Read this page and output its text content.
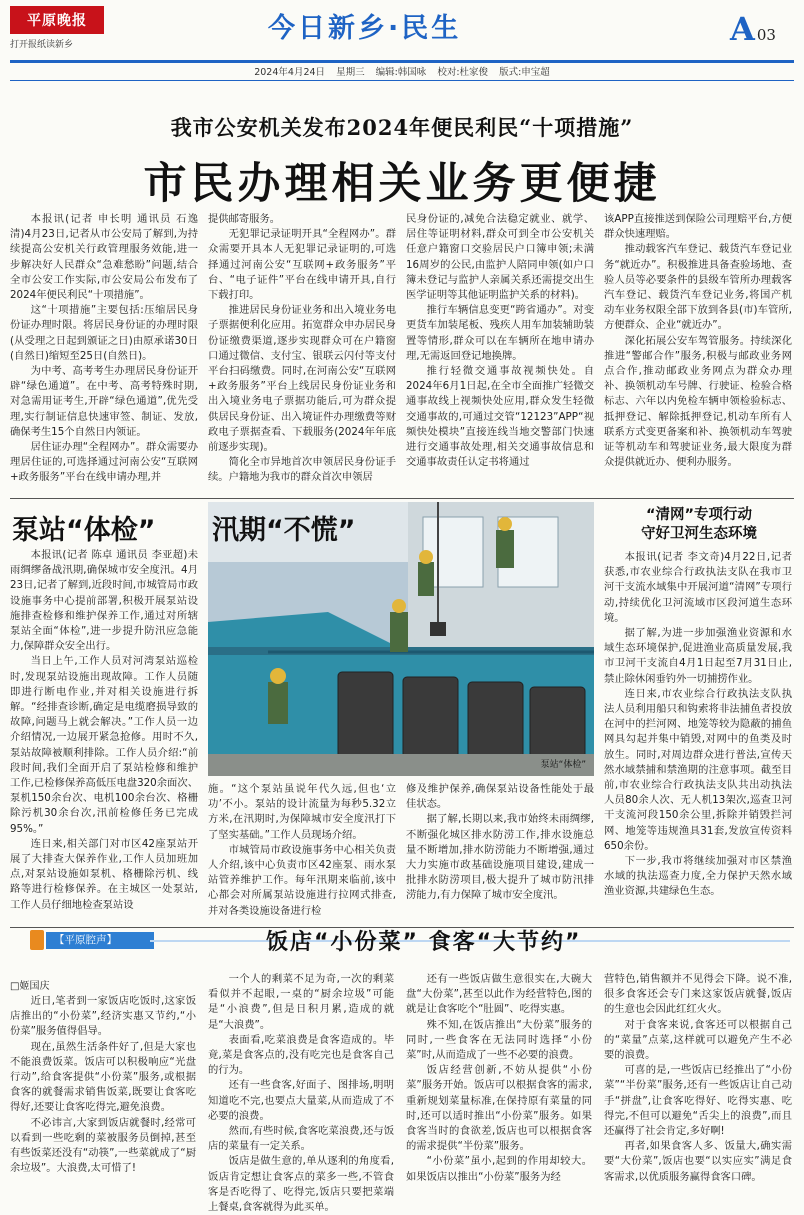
平原晚报
打开报纸读新乡
今日新乡·民生	A 03
2024年4月24日 星期三 编辑:韩国咏 校对:杜家俊 版式:申宝超
我市公安机关发布2024年便民利民“十项措施”
市民办理相关业务更便捷

本报讯(记者 申长明 通讯员 石逸清)4月23日,记者从市公安局了解到,为持续提高公安机关行政管理服务效能,进一步解决好人民群众“急难愁盼”问题,结合全市公安工作实际,市公安局公布发布了2024年便民利民“十项措施”。

这“十项措施”主要包括:压缩居民身份证办理时限。将居民身份证的办理时限(从受理之日起到颁证之日)由原承诺30日(自然日)缩短至25日(自然日)。

为中考、高考考生办理居民身份证开辟“绿色通道”。在中考、高考特殊时期,对急需用证考生,开辟“绿色通道”,优先受理,实行制证信息快速审签、制证、发放,确保考生15个自然日内领证。

居住证办理“全程网办”。群众需要办理居住证的,可选择通过河南公安“互联网+政务服务”平台在线申请办理,并

提供邮寄服务。

无犯罪记录证明开具“全程网办”。群众需要开具本人无犯罪记录证明的,可选择通过河南公安“互联网+政务服务”平台、“电子证件”平台在线申请开具,自行下载打印。

推进居民身份证业务和出入境业务电子票据便利化应用。拓宽群众申办居民身份证缴费渠道,逐步实现群众可在户籍窗口通过微信、支付宝、银联云闪付等支付平台扫码缴费。同时,在河南公安“互联网+政务服务”平台上线居民身份证业务和出入境业务电子票据功能后,可为群众提供居民身份证、出入境证件办理缴费等财政电子票据查看、下载服务(2024年年底前逐步实现)。

简化全市异地首次申领居民身份证手续。户籍地为我市的群众首次申领居

民身份证的,减免合法稳定就业、就学、居住等证明材料,群众可到全市公安机关任意户籍窗口交验居民户口簿申领;未满16周岁的公民,由监护人陪同申领(如户口簿未登记与监护人亲属关系还需提交出生医学证明等其他证明监护关系的材料)。

推行车辆信息变更“跨省通办”。对变更货车加装尾板、残疾人用车加装辅助装置等情形,群众可以在车辆所在地申请办理,无需返回登记地换牌。

推行轻微交通事故视频快处。自2024年6月1日起,在全市全面推广轻微交通事故线上视频快处应用,群众发生轻微交通事故的,可通过交管“12123”APP“视频快处模块”直接连线当地交警部门快速进行交通事故处理,相关交通事故信息和交通事故责任认定书将通过

该APP直接推送到保险公司理赔平台,方便群众快速理赔。

推动载客汽车登记、载货汽车登记业务“就近办”。积极推进具备查验场地、查验人员等必要条件的县级车管所办理载客汽车登记、载货汽车登记业务,将国产机动车业务权限全部下放到各县(市)车管所,方便群众、企业“就近办”。

深化拓展公安车驾管服务。持续深化推进“警邮合作”服务,积极与邮政业务网点合作,推动邮政业务网点为群众办理补、换领机动车号牌、行驶证、检验合格标志、六年以内免检车辆申领检验标志、抵押登记、解除抵押登记,机动车所有人联系方式变更备案和补、换领机动车驾驶证等机动车和驾驶证业务,最大限度为群众提供就近办、便利办服务。

泵站“体检” 汛期“不慌”
泵站“体检”

本报讯(记者 陈卓 通讯员 李亚超)未雨绸缪备战汛期,确保城市安全度汛。4月23日,记者了解到,近段时间,市城管局市政设施事务中心提前部署,积极开展泵站设施排查检修和维护保养工作,通过对所辖泵站全面“体检”,进一步提升防汛应急能力,保障群众安全出行。

当日上午,工作人员对河湾泵站巡检时,发现泵站设施出现故障。工作人员随即进行断电作业,并对相关设施进行拆解。“经排查诊断,确定是电缆磨损导致的故障,问题马上就会解决。”工作人员一边介绍情况,一边展开紧急抢修。用时不久,泵站故障被顺利排除。工作人员介绍:“前段时间,我们全面开启了泵站检修和维护工作,已检修保养高低压电盘320余面次、泵机150余台次、电机100余台次、格栅除污机30余台次,汛前检修任务已完成95%。”

连日来,相关部门对市区42座泵站开展了大排查大保养作业,工作人员加班加点,对泵站设施如泵机、格栅除污机、线路等进行检修保养。在主城区一处泵站,工作人员仔细地检查泵站设

施。“这个泵站虽说年代久远,但也‘立功’不小。泵站的设计流量为每秒5.32立方米,在汛期时,为保障城市安全度汛打下了坚实基础。”工作人员现场介绍。

市城管局市政设施事务中心相关负责人介绍,该中心负责市区42座泵、雨水泵站管养维护工作。每年汛期来临前,该中心都会对所属泵站设施进行拉网式排查,并对各类设施设备进行检

修及维护保养,确保泵站设备性能处于最佳状态。

据了解,长期以来,我市始终未雨绸缪,不断强化城区排水防涝工作,排水设施总量不断增加,排水防涝能力不断增强,通过大力实施市政基础设施项目建设,建成一批排水防涝项目,极大提升了城市防汛排涝能力,有力保障了城市安全度汛。

“清网”专项行动
守好卫河生态环境

本报讯(记者 李文奇)4月22日,记者获悉,市农业综合行政执法支队在我市卫河干支流水域集中开展河道“清网”专项行动,持续优化卫河流域市区段河道生态环境。

据了解,为进一步加强渔业资源和水域生态环境保护,促进渔业高质量发展,我市卫河干支流自4月1日起至7月31日止,禁止除休闲垂钓外一切捕捞作业。

连日来,市农业综合行政执法支队执法人员利用船只和钩索将非法捕鱼者投放在河中的拦河网、地笼等较为隐蔽的捕鱼网具勾起并集中销毁,对网中的鱼类及时放生。同时,对周边群众进行普法,宣传天然水域禁捕和禁渔期的注意事项。截至目前,市农业综合行政执法支队共出动执法人员80余人次、无人机13架次,巡查卫河干支流河段150余公里,拆除并销毁拦河网、地笼等违规渔具31套,发放宣传资料650余份。

下一步,我市将继续加强对市区禁渔水域的执法巡查力度,全力保护天然水域渔业资源,共建绿色生态。

【平原腔声】	饭店“小份菜” 食客“大节约”
□姬国庆

近日,笔者到一家饭店吃饭时,这家饭店推出的“小份菜”,经济实惠又节约,“小份菜”服务值得倡导。

现在,虽然生活条件好了,但是大家也不能浪费饭菜。饭店可以积极响应“光盘行动”,给食客提供“小份菜”服务,或根据食客的就餐需求销售饭菜,既要让食客吃得好,还要让食客吃得完,避免浪费。

不必讳言,大家到饭店就餐时,经常可以看到一些吃剩的菜被服务员倒掉,甚至有些饭菜还没有“动筷”,一些菜就成了“厨余垃圾”。大浪费,太可惜了!

一个人的剩菜不足为奇,一次的剩菜看似并不起眼,一桌的“厨余垃圾”可能是“小浪费”,但是日积月累,造成的就是“大浪费”。

表面看,吃菜浪费是食客造成的。毕竟,菜是食客点的,没有吃完也是食客自己的行为。

还有一些食客,好面子、图排场,明明知道吃不完,也要点大量菜,从而造成了不必要的浪费。

然而,有些时候,食客吃菜浪费,还与饭店的菜量有一定关系。

饭店是做生意的,单从逐利的角度看,饭店肯定想让食客点的菜多一些,不管食客是否吃得了、吃得完,饭店只要把菜端上餐桌,食客就得为此买单。

还有一些饭店做生意很实在,大碗大盘“大份菜”,甚至以此作为经营特色,图的就是让食客吃个“肚圆”、吃得实惠。

殊不知,在饭店推出“大份菜”服务的同时,一些食客在无法同时选择“小份菜”时,从而造成了一些不必要的浪费。

饭店经营创新,不妨从提供“小份菜”服务开始。饭店可以根据食客的需求,重新规划菜量标准,在保持原有菜量的同时,还可以适时推出“小份菜”服务。如果食客当时的食欲差,饭店也可以根据食客的需求提供“半份菜”服务。

“小份菜”虽小,起到的作用却较大。如果饭店以推出“小份菜”服务为经

营特色,销售额并不见得会下降。说不准,很多食客还会专门来这家饭店就餐,饭店的生意也会因此红红火火。

对于食客来说,食客还可以根据自己的“菜量”点菜,这样就可以避免产生不必要的浪费。

可喜的是,一些饭店已经推出了“小份菜”“半份菜”服务,还有一些饭店让自己动手“拼盘”,让食客吃得好、吃得实惠、吃得完,不但可以避免“舌尖上的浪费”,而且还赢得了社会肯定,多好啊!

再者,如果食客人多、饭量大,确实需要“大份菜”,饭店也要“以实应实”满足食客需求,以优质服务赢得食客口碑。
